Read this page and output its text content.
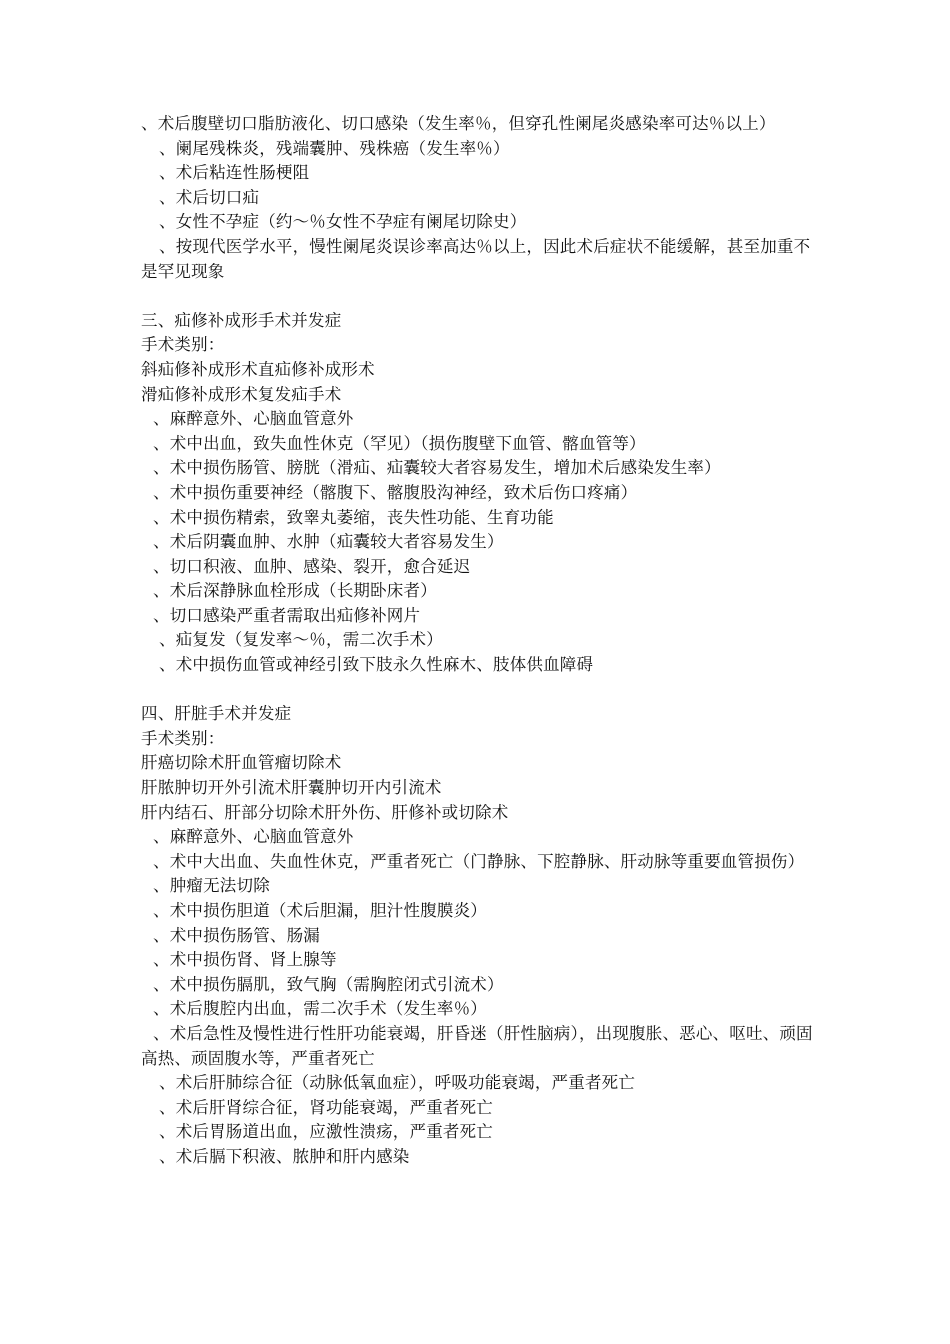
、术后腹壁切口脂肪液化、切口感染（发生率％，但穿孔性阑尾炎感染率可达％以上）
、阑尾残株炎，残端囊肿、残株癌（发生率％）
、术后粘连性肠梗阻
、术后切口疝
、女性不孕症（约～％女性不孕症有阑尾切除史）
、按现代医学水平，慢性阑尾炎误诊率高达％以上，因此术后症状不能缓解，甚至加重不是罕见现象
三、疝修补成形手术并发症
手术类别：
斜疝修补成形术直疝修补成形术
滑疝修补成形术复发疝手术
、麻醉意外、心脑血管意外
、术中出血，致失血性休克（罕见）（损伤腹壁下血管、髂血管等）
、术中损伤肠管、膀胱（滑疝、疝囊较大者容易发生，增加术后感染发生率）
、术中损伤重要神经（髂腹下、髂腹股沟神经，致术后伤口疼痛）
、术中损伤精索，致睾丸萎缩，丧失性功能、生育功能
、术后阴囊血肿、水肿（疝囊较大者容易发生）
、切口积液、血肿、感染、裂开，愈合延迟
、术后深静脉血栓形成（长期卧床者）
、切口感染严重者需取出疝修补网片
、疝复发（复发率～％，需二次手术）
、术中损伤血管或神经引致下肢永久性麻木、肢体供血障碍
四、肝脏手术并发症
手术类别：
肝癌切除术肝血管瘤切除术
肝脓肿切开外引流术肝囊肿切开内引流术
肝内结石、肝部分切除术肝外伤、肝修补或切除术
、麻醉意外、心脑血管意外
、术中大出血、失血性休克，严重者死亡（门静脉、下腔静脉、肝动脉等重要血管损伤）
、肿瘤无法切除
、术中损伤胆道（术后胆漏，胆汁性腹膜炎）
、术中损伤肠管、肠漏
、术中损伤肾、肾上腺等
、术中损伤膈肌，致气胸（需胸腔闭式引流术）
、术后腹腔内出血，需二次手术（发生率％）
、术后急性及慢性进行性肝功能衰竭，肝昏迷（肝性脑病），出现腹胀、恶心、呕吐、顽固高热、顽固腹水等，严重者死亡
、术后肝肺综合征（动脉低氧血症），呼吸功能衰竭，严重者死亡
、术后肝肾综合征，肾功能衰竭，严重者死亡
、术后胃肠道出血，应激性溃疡，严重者死亡
、术后膈下积液、脓肿和肝内感染
